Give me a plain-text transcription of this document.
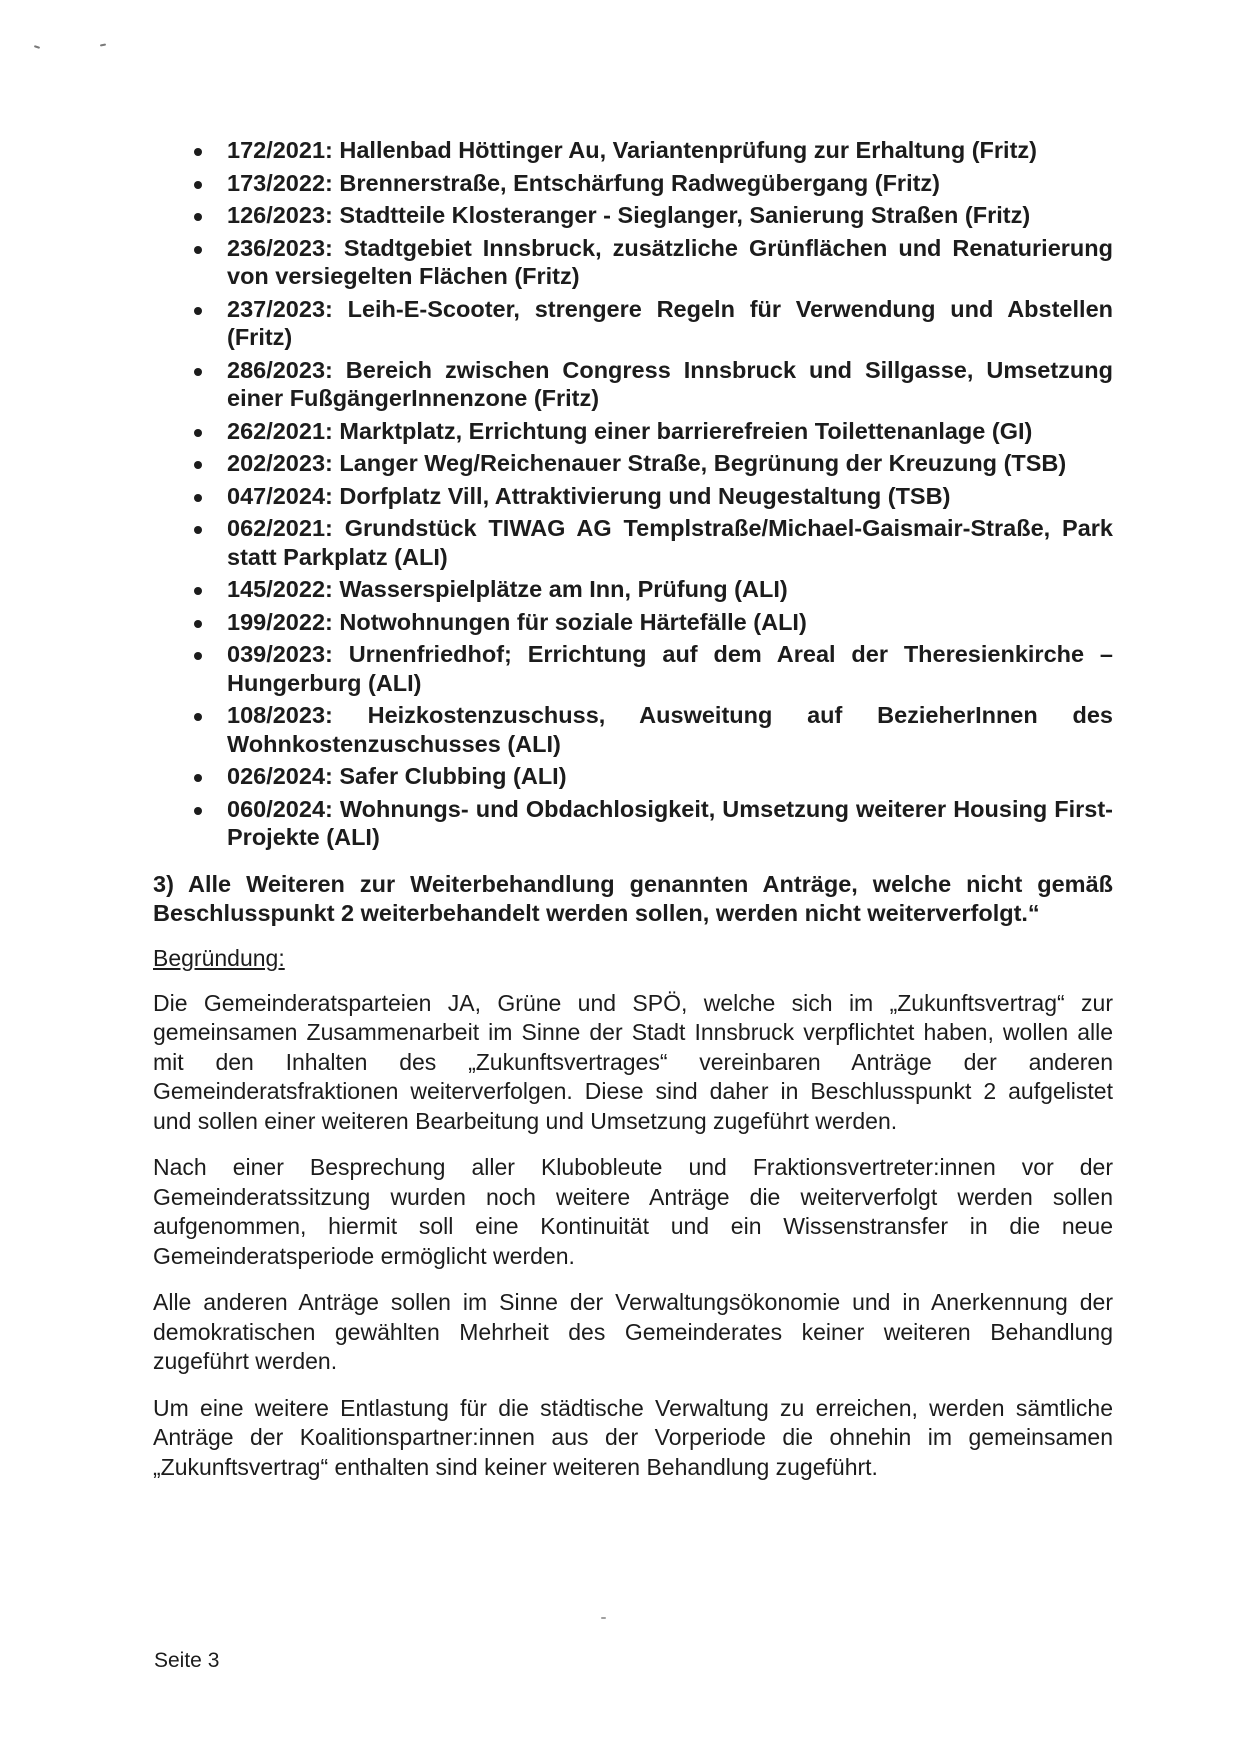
172/2021: Hallenbad Höttinger Au, Variantenprüfung zur Erhaltung (Fritz)
173/2022: Brennerstraße, Entschärfung Radwegübergang (Fritz)
126/2023: Stadtteile Klosteranger - Sieglanger, Sanierung Straßen (Fritz)
236/2023: Stadtgebiet Innsbruck, zusätzliche Grünflächen und Renaturierung von versiegelten Flächen (Fritz)
237/2023: Leih-E-Scooter, strengere Regeln für Verwendung und Abstellen (Fritz)
286/2023: Bereich zwischen Congress Innsbruck und Sillgasse, Umsetzung einer FußgängerInnenzone (Fritz)
262/2021: Marktplatz, Errichtung einer barrierefreien Toilettenanlage (GI)
202/2023: Langer Weg/Reichenauer Straße, Begrünung der Kreuzung (TSB)
047/2024: Dorfplatz Vill, Attraktivierung und Neugestaltung (TSB)
062/2021: Grundstück TIWAG AG Templstraße/Michael-Gaismair-Straße, Park statt Parkplatz (ALI)
145/2022: Wasserspielplätze am Inn, Prüfung (ALI)
199/2022: Notwohnungen für soziale Härtefälle (ALI)
039/2023: Urnenfriedhof; Errichtung auf dem Areal der Theresienkirche – Hungerburg (ALI)
108/2023: Heizkostenzuschuss, Ausweitung auf BezieherInnen des Wohnkostenzuschusses (ALI)
026/2024: Safer Clubbing (ALI)
060/2024: Wohnungs- und Obdachlosigkeit, Umsetzung weiterer Housing First-Projekte (ALI)

3) Alle Weiteren zur Weiterbehandlung genannten Anträge, welche nicht gemäß Beschlusspunkt 2 weiterbehandelt werden sollen, werden nicht weiterverfolgt.“

Begründung:

Die Gemeinderatsparteien JA, Grüne und SPÖ, welche sich im „Zukunftsvertrag“ zur gemeinsamen Zusammenarbeit im Sinne der Stadt Innsbruck verpflichtet haben, wollen alle mit den Inhalten des „Zukunftsvertrages“ vereinbaren Anträge der anderen Gemeinderatsfraktionen weiterverfolgen. Diese sind daher in Beschlusspunkt 2 aufgelistet und sollen einer weiteren Bearbeitung und Umsetzung zugeführt werden.

Nach einer Besprechung aller Klubobleute und Fraktionsvertreter:innen vor der Gemeinderatssitzung wurden noch weitere Anträge die weiterverfolgt werden sollen aufgenommen, hiermit soll eine Kontinuität und ein Wissenstransfer in die neue Gemeinderatsperiode ermöglicht werden.

Alle anderen Anträge sollen im Sinne der Verwaltungsökonomie und in Anerkennung der demokratischen gewählten Mehrheit des Gemeinderates keiner weiteren Behandlung zugeführt werden.

Um eine weitere Entlastung für die städtische Verwaltung zu erreichen, werden sämtliche Anträge der Koalitionspartner:innen aus der Vorperiode die ohnehin im gemeinsamen „Zukunftsvertrag“ enthalten sind keiner weiteren Behandlung zugeführt.

Seite 3
